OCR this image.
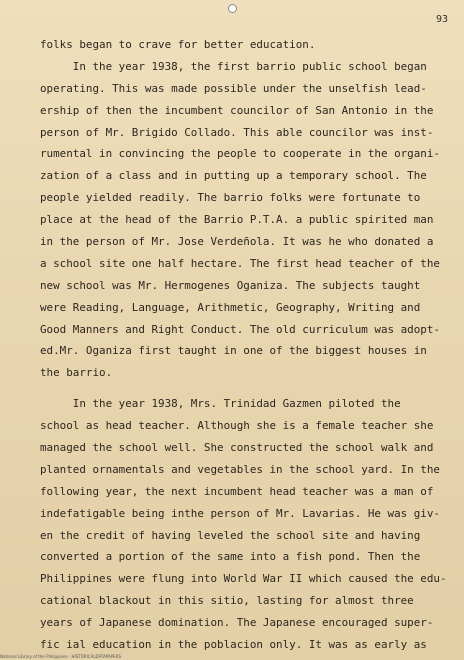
93
folks began to crave for better education.
In the year 1938, the first barrio public school began
operating. This was made possible under the unselfish lead-
ership of then the incumbent councilor of San Antonio in the
person of Mr. Brigido Collado. This able councilor was inst-
rumental in convincing the people to cooperate in the organi-
zation of a class and in putting up a temporary school. The
people yielded readily. The barrio folks were fortunate to
place at the head of the Barrio P.T.A. a public spirited man
in the person of Mr. Jose Verdeñola. It was he who donated a
a school site one half hectare. The first head teacher of the
new school was Mr. Hermogenes Oganiza. The subjects taught
were Reading, Language, Arithmetic, Geography, Writing and
Good Manners and Right Conduct. The old curriculum was adopt-
ed.Mr. Oganiza first taught in one of the biggest houses in
the barrio.
In the year 1938, Mrs. Trinidad Gazmen piloted the
school as head teacher. Although she is a female teacher she
managed the school well. She constructed the school walk and
planted ornamentals and vegetables in the school yard. In the
following year, the next incumbent head teacher was a man of
indefatigable being inthe person of Mr. Lavarias. He was giv-
en the credit of having leveled the school site and having
converted a portion of the same into a fish pond. Then the
Philippines were flung into World War II which caused the edu-
cational blackout in this sitio, lasting for almost three
years of Japanese domination. The Japanese encouraged super-
fic ial education in the poblacion only. It was as early as
National Library of the Philippines · HISTORICALDATAPAPERS
